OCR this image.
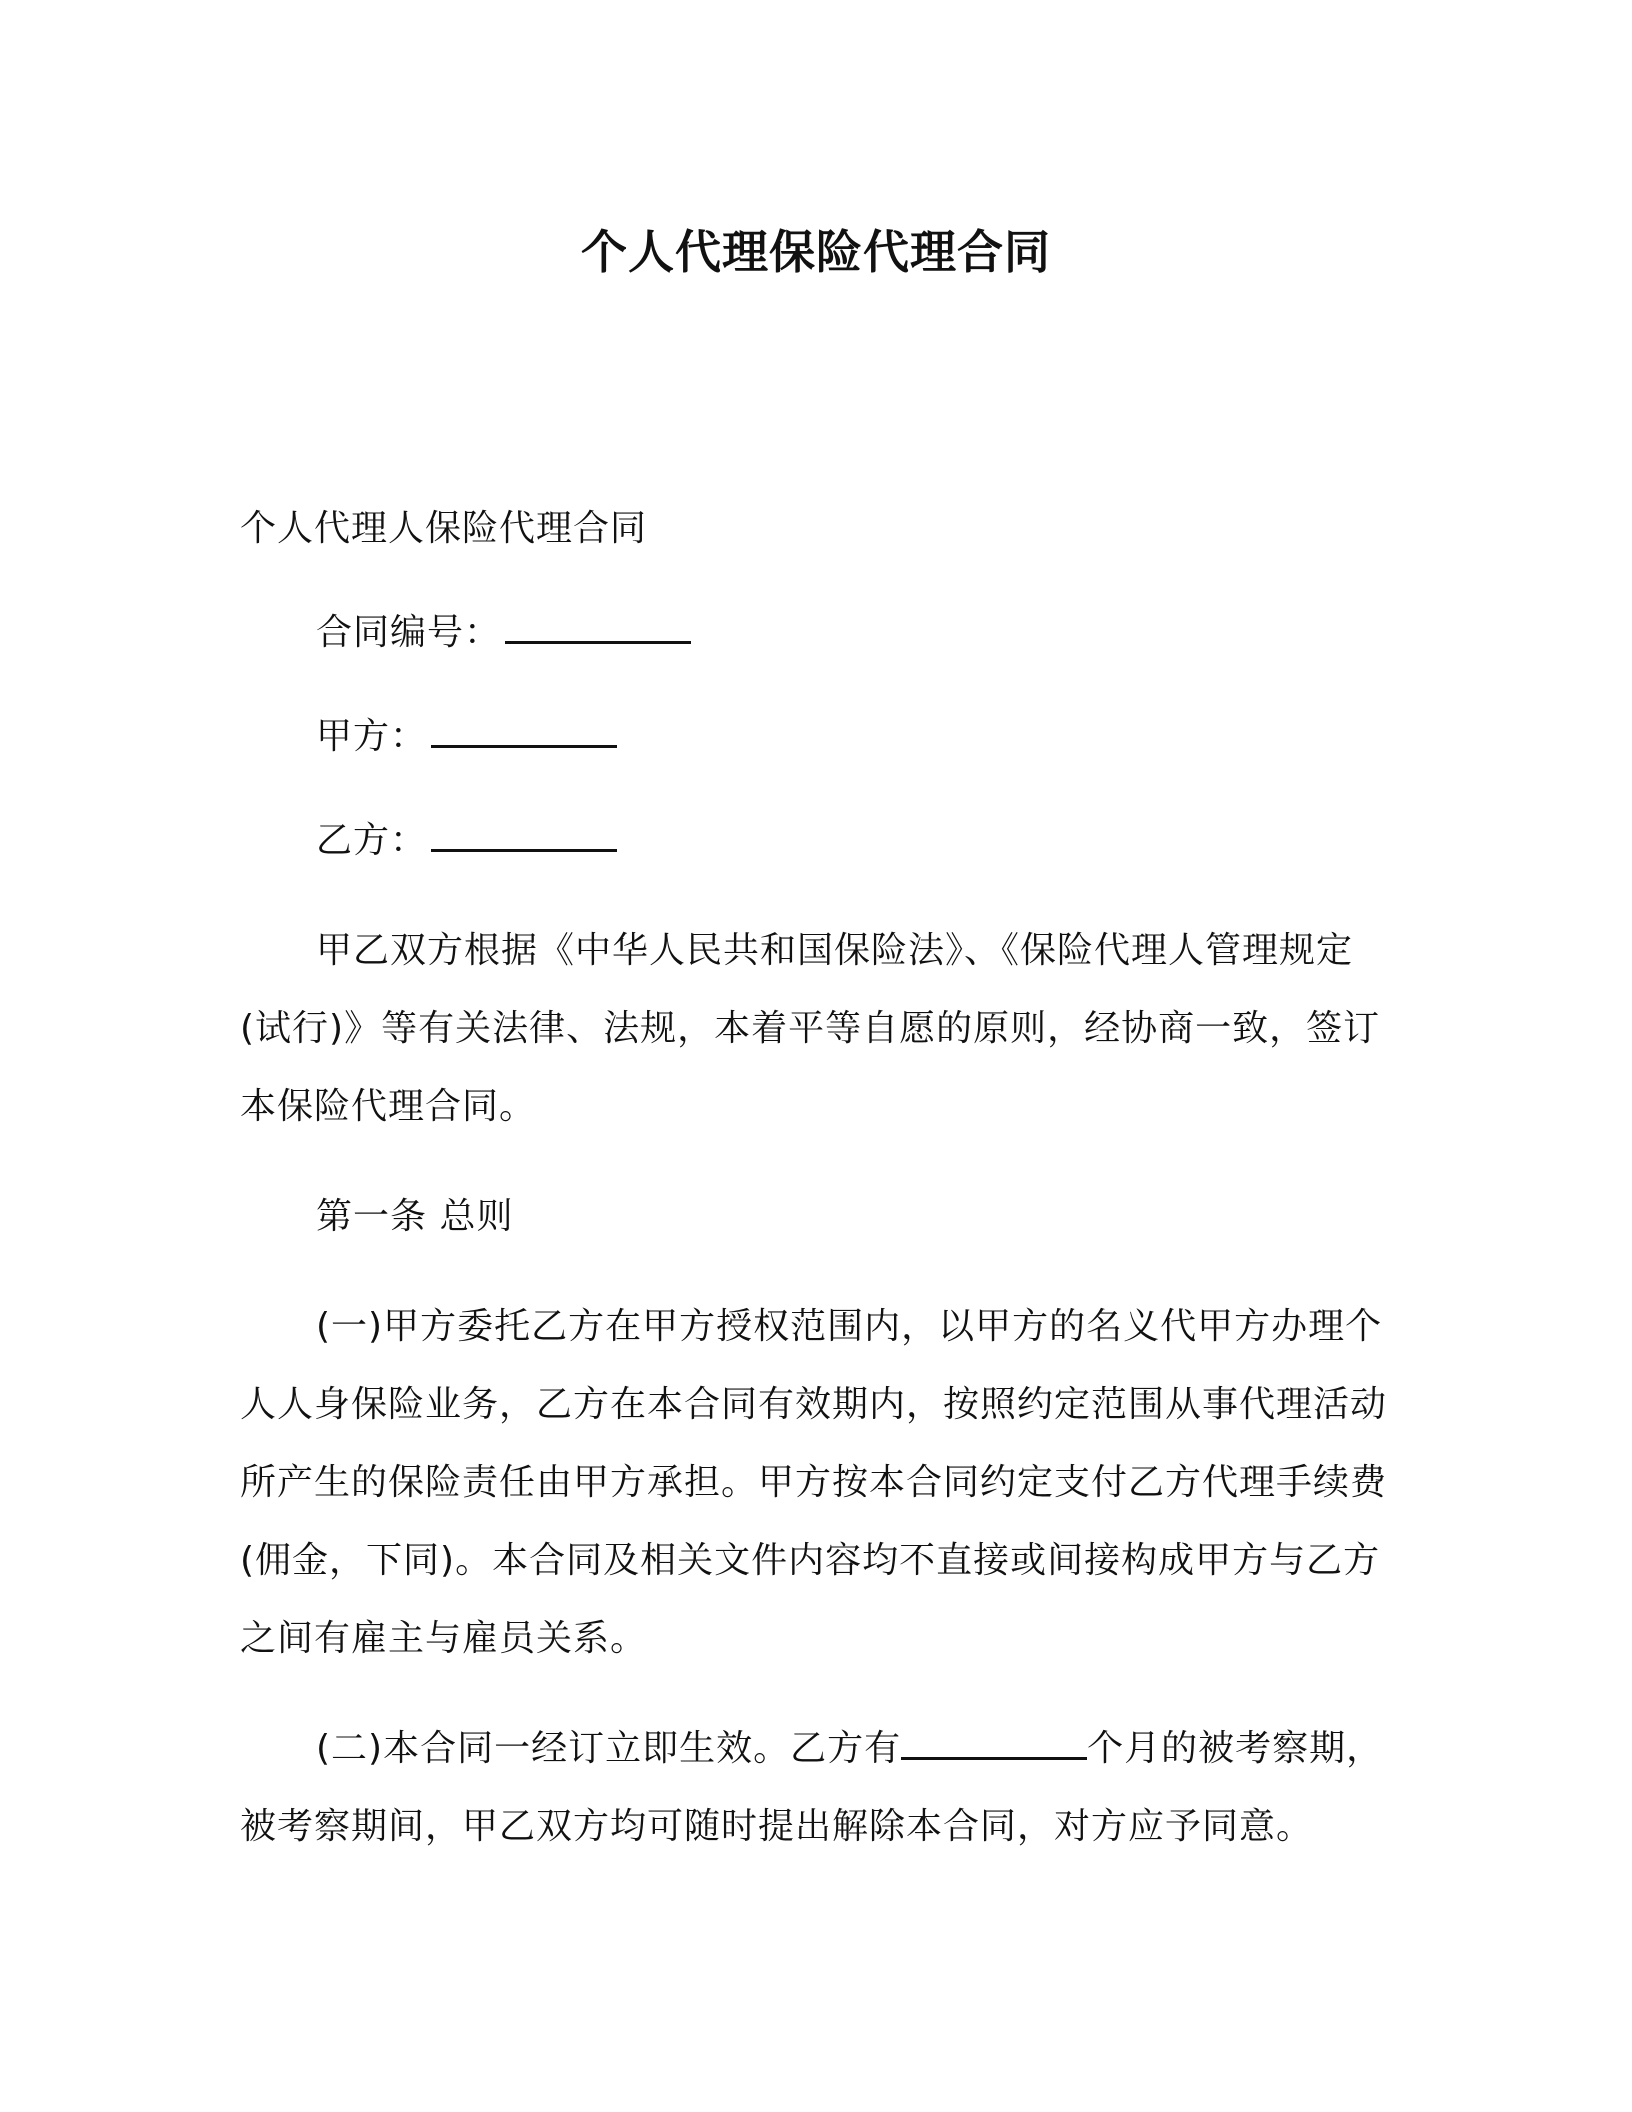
个人代理保险代理合同

个人代理人保险代理合同

合同编号：

甲方：

乙方：

甲乙双方根据《中华人民共和国保险法》、《保险代理人管理规定(试行)》等有关法律、法规，本着平等自愿的原则，经协商一致，签订本保险代理合同。

第一条 总则

(一)甲方委托乙方在甲方授权范围内，以甲方的名义代甲方办理个人人身保险业务，乙方在本合同有效期内，按照约定范围从事代理活动所产生的保险责任由甲方承担。甲方按本合同约定支付乙方代理手续费(佣金，下同)。本合同及相关文件内容均不直接或间接构成甲方与乙方之间有雇主与雇员关系。

(二)本合同一经订立即生效。乙方有	个月的被考察期，被考察期间，甲乙双方均可随时提出解除本合同，对方应予同意。
